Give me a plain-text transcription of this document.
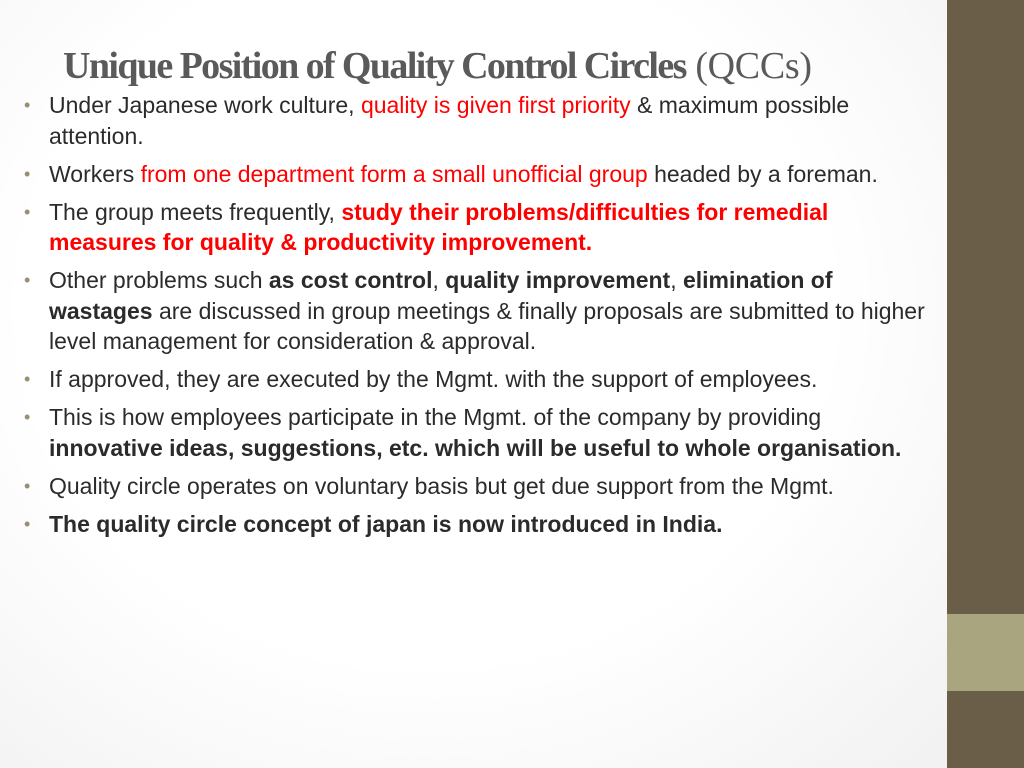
Unique Position of Quality Control Circles (QCCs)
• Under Japanese work culture, quality is given first priority & maximum possible attention.
• Workers from one department form a small unofficial group headed by a foreman.
• The group meets frequently, study their problems/difficulties for remedial measures for quality & productivity improvement.
• Other problems such as cost control, quality improvement, elimination of wastages are discussed in group meetings & finally proposals are submitted to higher level management for consideration & approval.
• If approved, they are executed by the Mgmt. with the support of employees.
• This is how employees participate in the Mgmt. of the company by providing innovative ideas, suggestions, etc. which will be useful to whole organisation.
• Quality circle operates on voluntary basis but get due support from the Mgmt.
• The quality circle concept of japan is now introduced in India.
